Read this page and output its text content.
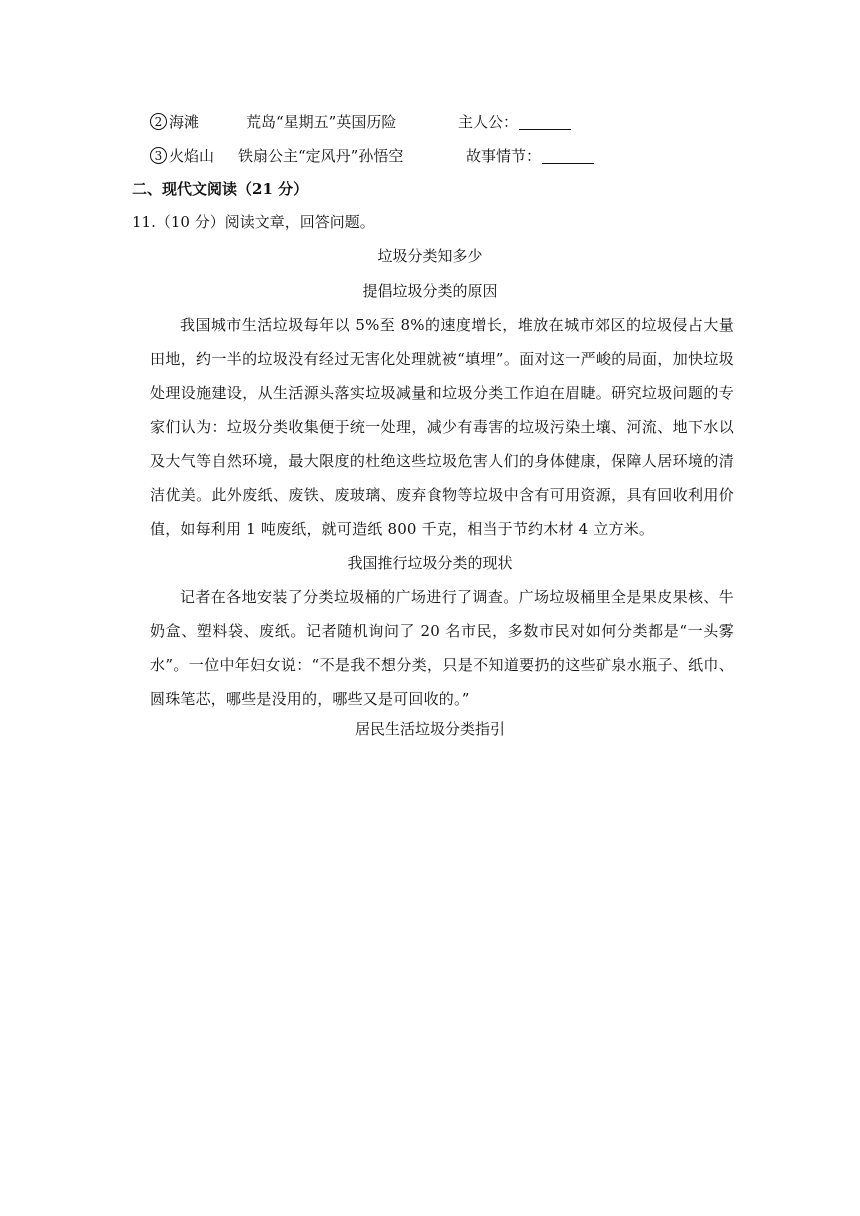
2 海滩	荒岛“星期五”英国历险	主人公：
3 火焰山 铁扇公主“定风丹”孙悟空	故事情节：
二、现代文阅读（21 分）
11.（10 分）阅读文章，回答问题。
垃圾分类知多少
提倡垃圾分类的原因
我国城市生活垃圾每年以 5%至 8%的速度增长，堆放在城市郊区的垃圾侵占大量田地，约一半的垃圾没有经过无害化处理就被“填埋”。面对这一严峻的局面，加快垃圾处理设施建设，从生活源头落实垃圾减量和垃圾分类工作迫在眉睫。研究垃圾问题的专家们认为：垃圾分类收集便于统一处理，减少有毒害的垃圾污染土壤、河流、地下水以及大气等自然环境，最大限度的杜绝这些垃圾危害人们的身体健康，保障人居环境的清洁优美。此外废纸、废铁、废玻璃、废弃食物等垃圾中含有可用资源，具有回收利用价值，如每利用 1 吨废纸，就可造纸 800 千克，相当于节约木材 4 立方米。
我国推行垃圾分类的现状
记者在各地安装了分类垃圾桶的广场进行了调查。广场垃圾桶里全是果皮果核、牛奶盒、塑料袋、废纸。记者随机询问了 20 名市民，多数市民对如何分类都是“一头雾水”。一位中年妇女说：“不是我不想分类，只是不知道要扔的这些矿泉水瓶子、纸巾、圆珠笔芯，哪些是没用的，哪些又是可回收的。”
居民生活垃圾分类指引
